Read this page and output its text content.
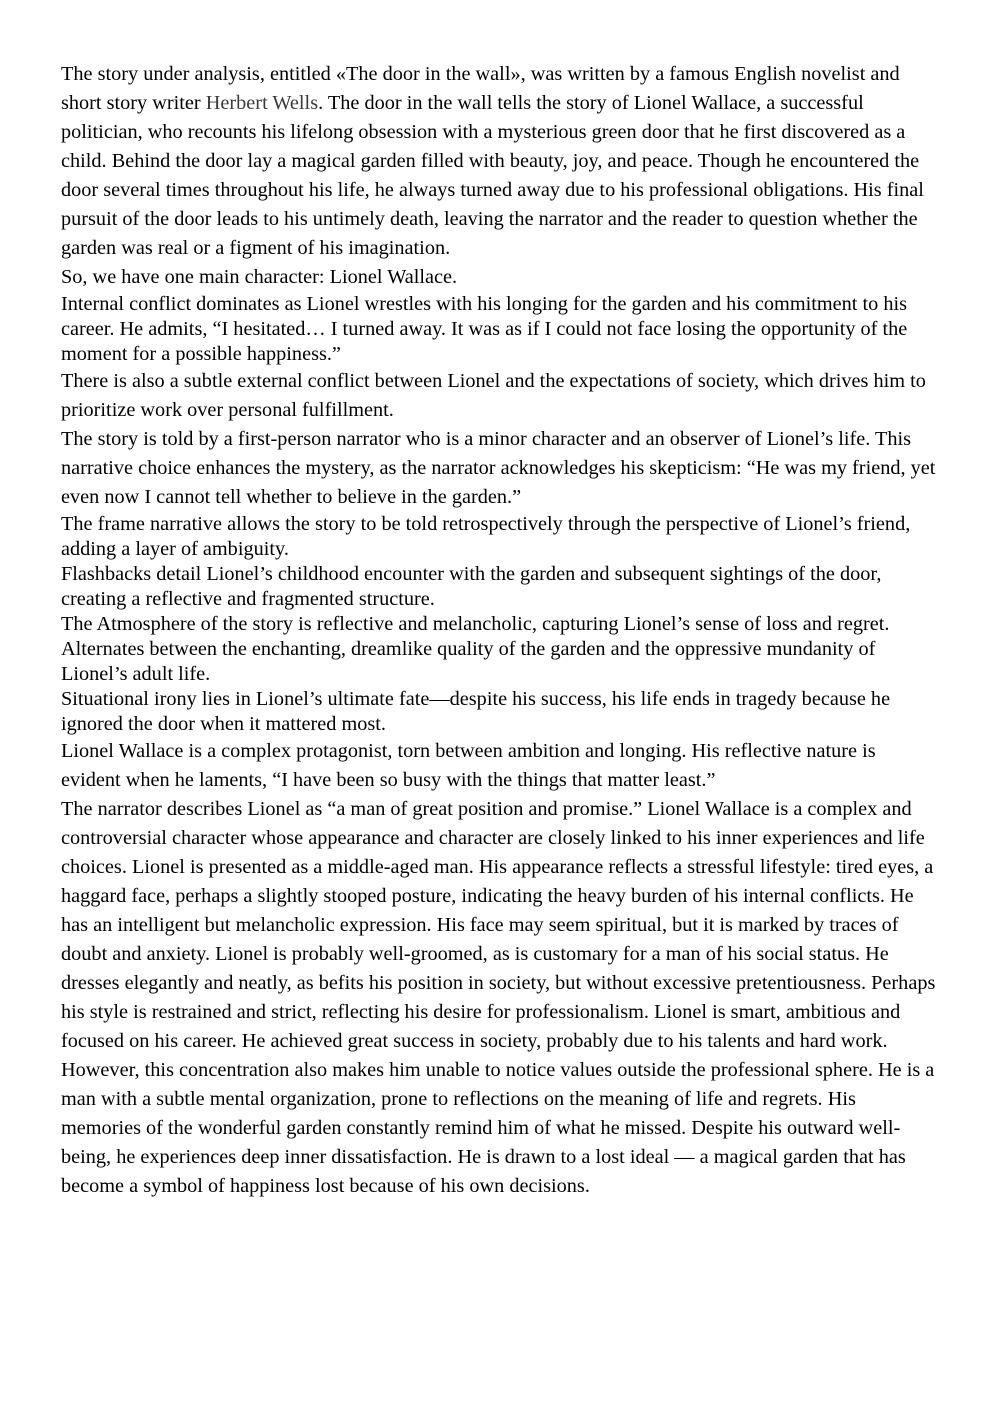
The story under analysis, entitled «The door in the wall», was written by a famous English novelist and short story writer Herbert Wells. The door in the wall tells the story of Lionel Wallace, a successful politician, who recounts his lifelong obsession with a mysterious green door that he first discovered as a child. Behind the door lay a magical garden filled with beauty, joy, and peace. Though he encountered the door several times throughout his life, he always turned away due to his professional obligations. His final pursuit of the door leads to his untimely death, leaving the narrator and the reader to question whether the garden was real or a figment of his imagination.

So, we have one main character: Lionel Wallace.

Internal conflict dominates as Lionel wrestles with his longing for the garden and his commitment to his career. He admits, “I hesitated… I turned away. It was as if I could not face losing the opportunity of the moment for a possible happiness.”

There is also a subtle external conflict between Lionel and the expectations of society, which drives him to prioritize work over personal fulfillment.

The story is told by a first-person narrator who is a minor character and an observer of Lionel’s life. This narrative choice enhances the mystery, as the narrator acknowledges his skepticism: “He was my friend, yet even now I cannot tell whether to believe in the garden.”

The frame narrative allows the story to be told retrospectively through the perspective of Lionel’s friend, adding a layer of ambiguity.

Flashbacks detail Lionel’s childhood encounter with the garden and subsequent sightings of the door, creating a reflective and fragmented structure.

The Atmosphere of the story is reflective and melancholic, capturing Lionel’s sense of loss and regret.

Alternates between the enchanting, dreamlike quality of the garden and the oppressive mundanity of Lionel’s adult life.

Situational irony lies in Lionel’s ultimate fate—despite his success, his life ends in tragedy because he ignored the door when it mattered most.

Lionel Wallace is a complex protagonist, torn between ambition and longing. His reflective nature is evident when he laments, “I have been so busy with the things that matter least.”

The narrator describes Lionel as “a man of great position and promise.” Lionel Wallace is a complex and controversial character whose appearance and character are closely linked to his inner experiences and life choices. Lionel is presented as a middle-aged man. His appearance reflects a stressful lifestyle: tired eyes, a haggard face, perhaps a slightly stooped posture, indicating the heavy burden of his internal conflicts. He has an intelligent but melancholic expression. His face may seem spiritual, but it is marked by traces of doubt and anxiety. Lionel is probably well-groomed, as is customary for a man of his social status. He dresses elegantly and neatly, as befits his position in society, but without excessive pretentiousness. Perhaps his style is restrained and strict, reflecting his desire for professionalism. Lionel is smart, ambitious and focused on his career. He achieved great success in society, probably due to his talents and hard work. However, this concentration also makes him unable to notice values outside the professional sphere. He is a man with a subtle mental organization, prone to reflections on the meaning of life and regrets. His memories of the wonderful garden constantly remind him of what he missed. Despite his outward well-being, he experiences deep inner dissatisfaction. He is drawn to a lost ideal — a magical garden that has become a symbol of happiness lost because of his own decisions.
